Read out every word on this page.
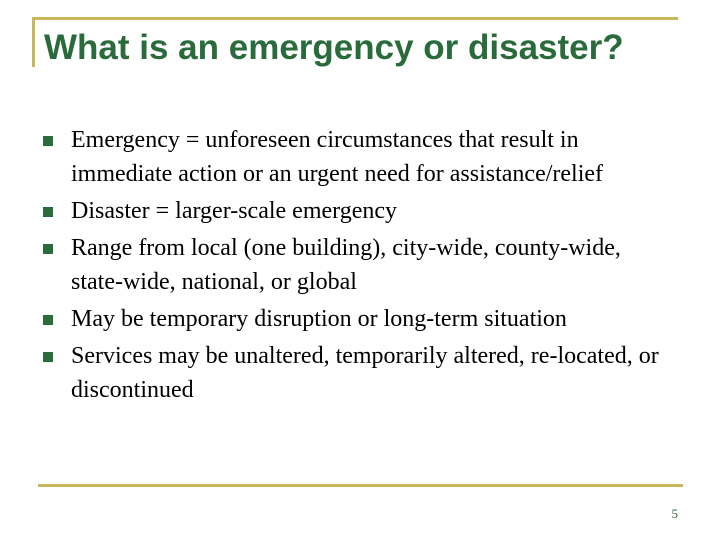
What is an emergency or disaster?
Emergency = unforeseen circumstances that result in immediate action or an urgent need for assistance/relief
Disaster = larger-scale emergency
Range from local (one building), city-wide, county-wide, state-wide, national, or global
May be temporary disruption or long-term situation
Services may be unaltered, temporarily altered, re-located, or discontinued
5
